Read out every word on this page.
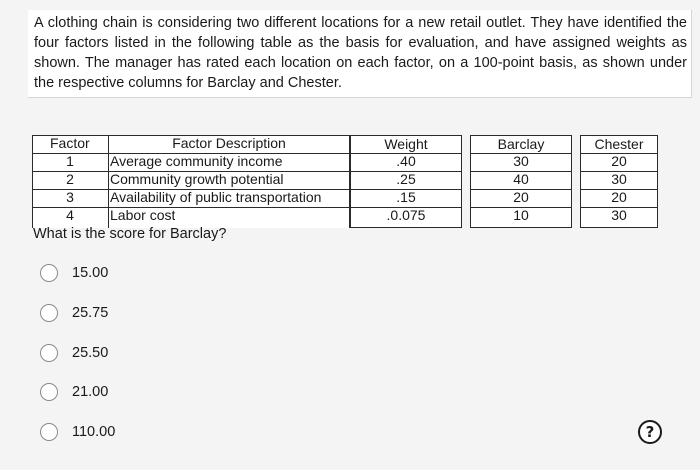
A clothing chain is considering two different locations for a new retail outlet. They have identified the four factors listed in the following table as the basis for evaluation, and have assigned weights as shown. The manager has rated each location on each factor, on a 100-point basis, as shown under the respective columns for Barclay and Chester.
Factor	Factor Description	Weight	Barclay	Chester
1	Average community income	.40	30	20
2	Community growth potential	.25	40	30
3	Availability of public transportation	.15	20	20
4	Labor cost	.0.075	10	30
What is the score for Barclay?
15.00
25.75
25.50
21.00
110.00	?
